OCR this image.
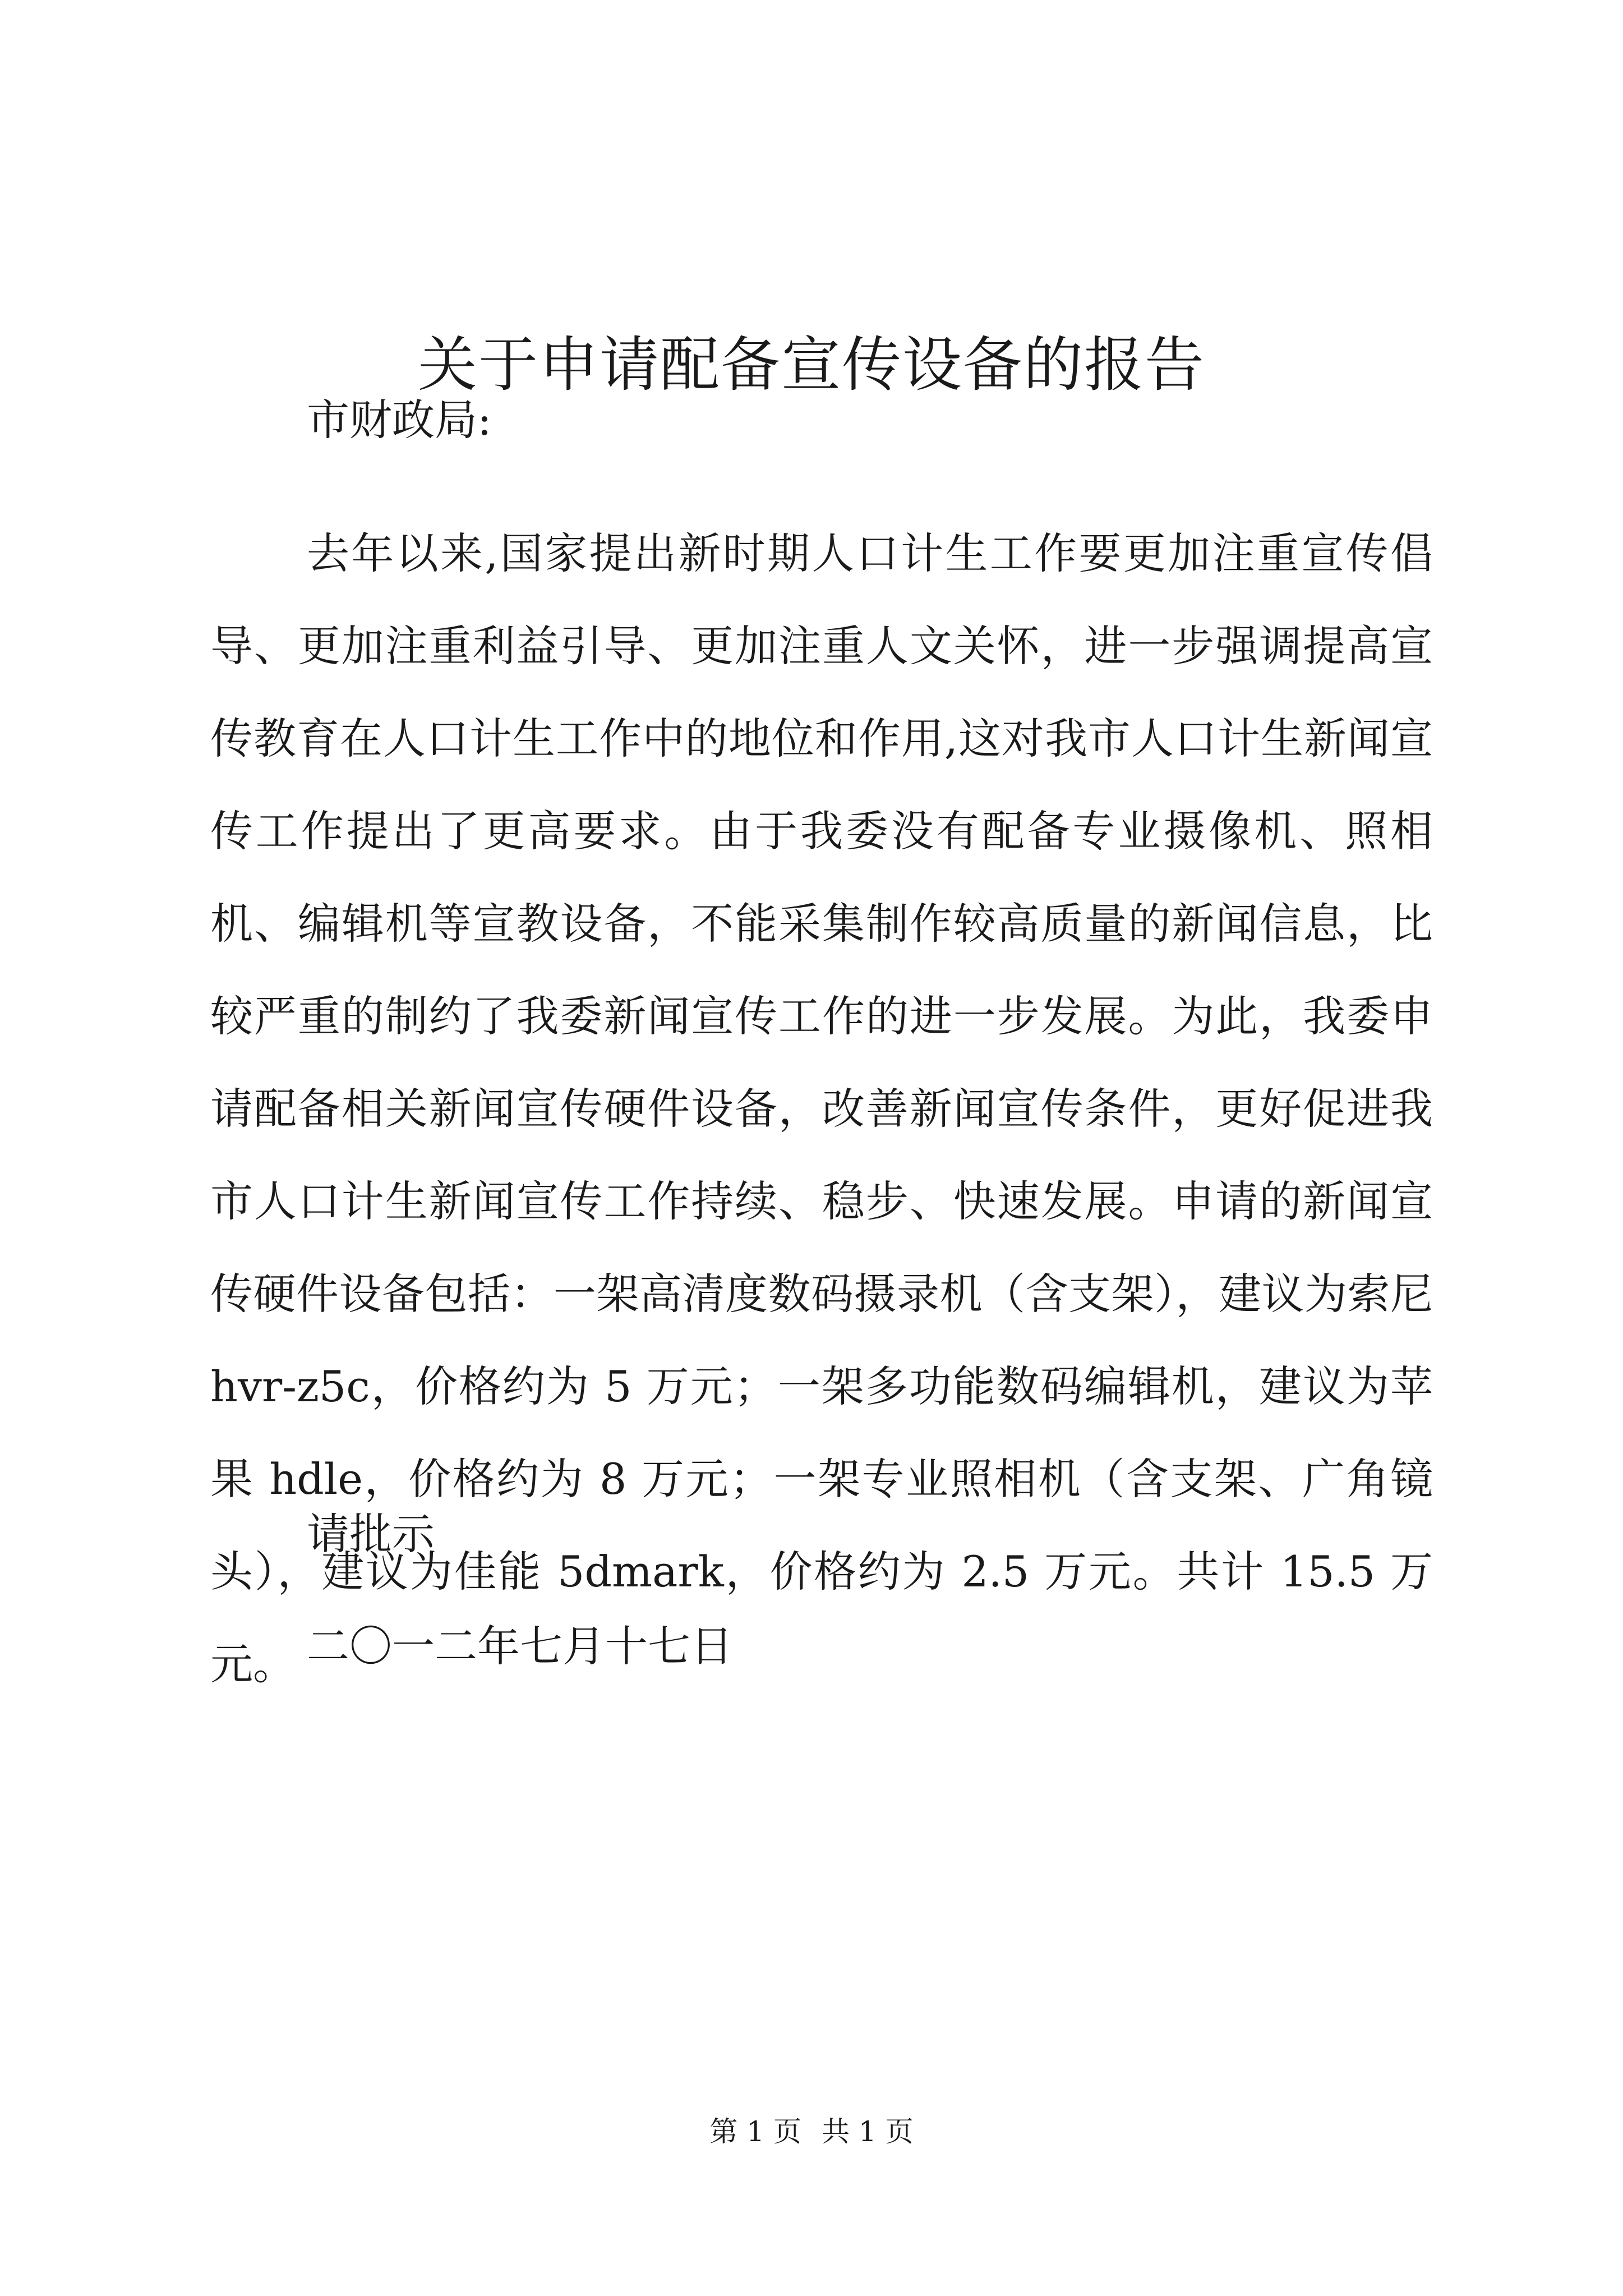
关于申请配备宣传设备的报告
市财政局:

去年以来,国家提出新时期人口计生工作要更加注重宣传倡导、更加注重利益引导、更加注重人文关怀，进一步强调提高宣传教育在人口计生工作中的地位和作用,这对我市人口计生新闻宣传工作提出了更高要求。由于我委没有配备专业摄像机、照相机、编辑机等宣教设备，不能采集制作较高质量的新闻信息，比较严重的制约了我委新闻宣传工作的进一步发展。为此，我委申请配备相关新闻宣传硬件设备，改善新闻宣传条件，更好促进我市人口计生新闻宣传工作持续、稳步、快速发展。申请的新闻宣传硬件设备包括：一架高清度数码摄录机（含支架），建议为索尼 hvr-z5c，价格约为 5 万元；一架多功能数码编辑机，建议为苹果 hdle，价格约为 8 万元；一架专业照相机（含支架、广角镜头），建议为佳能 5dmark，价格约为 2.5 万元。共计 15.5 万元。

请批示
二〇一二年七月十七日
第 1 页 共 1 页
